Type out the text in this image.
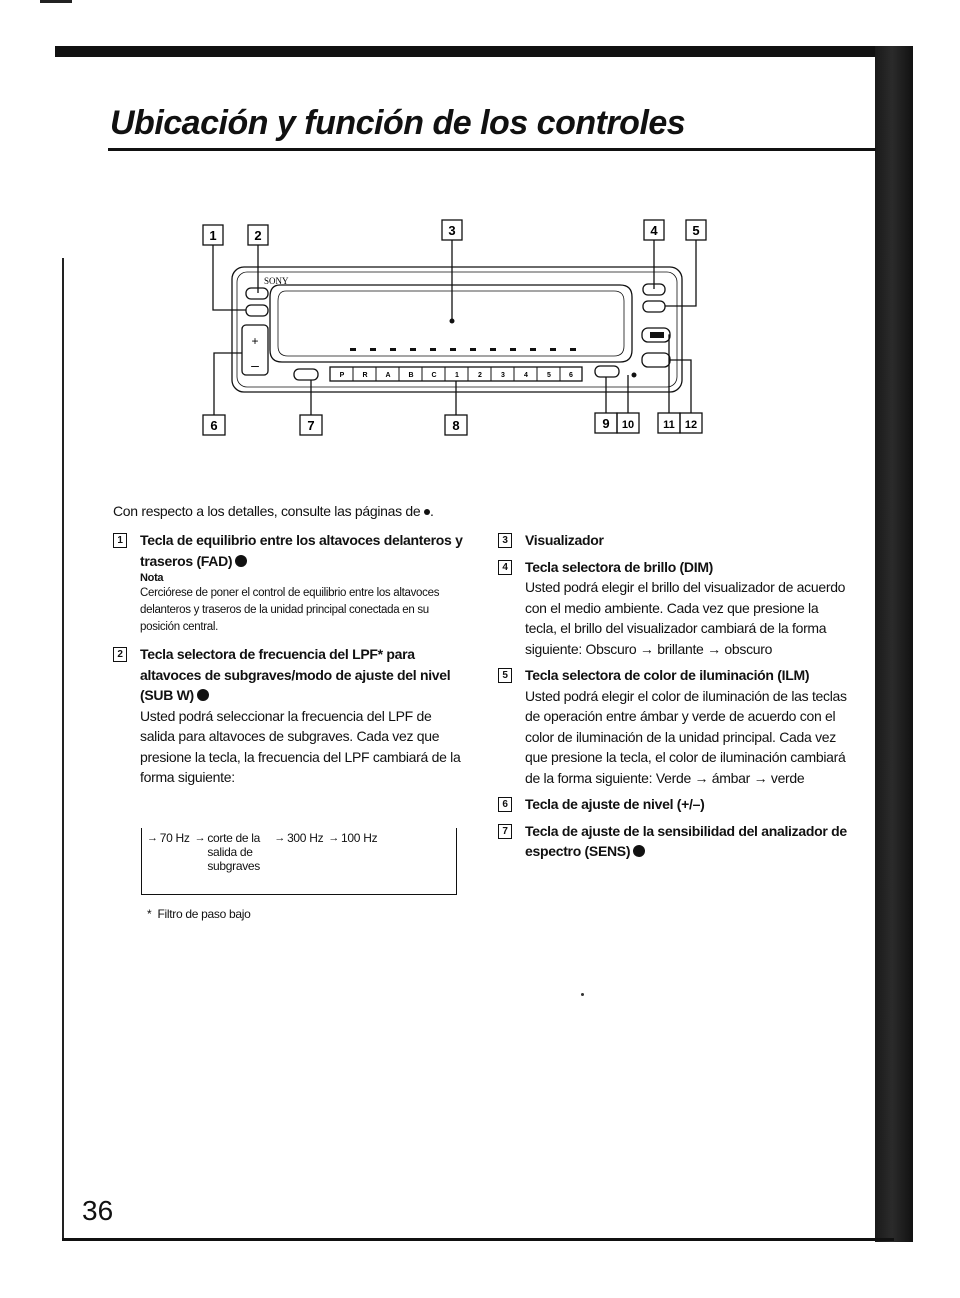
Ubicación y función de los controles
1	2	3	4	5
6	7	8	9 10	11 12
SONY
+
–
P	R	A	B	C	1	2	3	4	5	6
Con respecto a los detalles, consulte las páginas de .
1	Tecla de equilibrio entre los altavoces delanteros y traseros (FAD)
Nota
Cerciórese de poner el control de equilibrio entre los altavoces delanteros y traseros de la unidad principal conectada en su posición central.
2	Tecla selectora de frecuencia del LPF* para altavoces de subgraves/modo de ajuste del nivel (SUB W)
Usted podrá seleccionar la frecuencia del LPF de salida para altavoces de subgraves. Cada vez que presione la tecla, la frecuencia del LPF cambiará de la forma siguiente:
→ 70 Hz → corte de la salida de subgraves → 300 Hz → 100 Hz
*  Filtro de paso bajo
3	Visualizador
4	Tecla selectora de brillo (DIM)
Usted podrá elegir el brillo del visualizador de acuerdo con el medio ambiente. Cada vez que presione la tecla, el brillo del visualizador cambiará de la forma siguiente: Obscuro → brillante → obscuro
5	Tecla selectora de color de iluminación (ILM)
Usted podrá elegir el color de iluminación de las teclas de operación entre ámbar y verde de acuerdo con el color de iluminación de la unidad principal. Cada vez que presione la tecla, el color de iluminación cambiará de la forma siguiente: Verde → ámbar → verde
6	Tecla de ajuste de nivel (+/–)
7	Tecla de ajuste de la sensibilidad del analizador de espectro (SENS)
36
